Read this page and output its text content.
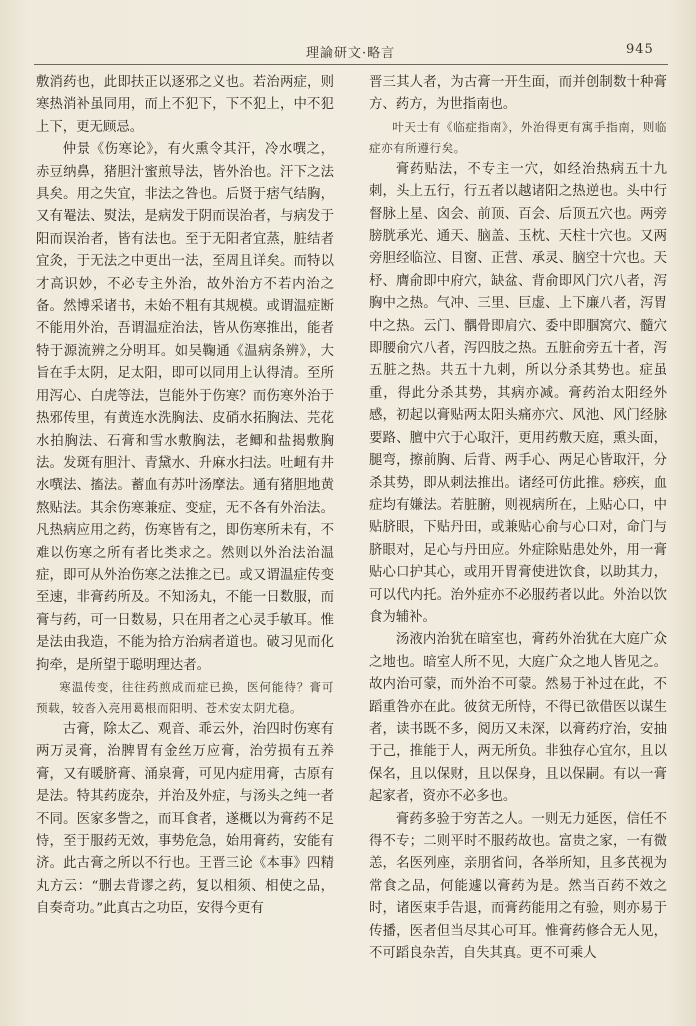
理論研文·略言	945

敷消药也，此即扶正以逐邪之义也。若治两症，则寒热消补虽同用，而上不犯下，下不犯上，中不犯上下，更无顾忌。

仲景《伤寒论》，有火熏令其汗，冷水噀之，赤豆纳鼻，猪胆汁蜜煎导法，皆外治也。汗下之法具矣。用之失宜，非法之咎也。后贤于痞气结胸，又有罨法、熨法，是病发于阴而误治者，与病发于阳而误治者，皆有法也。至于无阳者宜蒸，脏结者宜灸，于无法之中更出一法，至周且详矣。而特以才高识妙，不必专主外治，故外治方不若内治之备。然博采诸书，未始不粗有其规模。或谓温症断不能用外治，吾谓温症治法，皆从伤寒推出，能者特于源流辨之分明耳。如吴鞠通《温病条辨》，大旨在手太阴，足太阳，即可以同用上认得清。至所用泻心、白虎等法，岂能外于伤寒？而伤寒外治于热邪传里，有黄连水洗胸法、皮硝水拓胸法、芫花水拍胸法、石膏和雪水敷胸法，老鲫和盐揭敷胸法。发斑有胆汁、青黛水、升麻水扫法。吐衄有井水噀法、搐法。蓄血有苏叶汤摩法。通有猪胆地黄熬贴法。其余伤寒兼症、变症，无不各有外治法。凡热病应用之药，伤寒皆有之，即伤寒所未有，不难以伤寒之所有者比类求之。然则以外治法治温症，即可从外治伤寒之法推之已。或又谓温症传变至速，非膏药所及。不知汤丸，不能一日数服，而膏与药，可一日数易，只在用者之心灵手敏耳。惟是法由我造，不能为拾方治病者道也。破习见而化拘牵，是所望于聪明理达者。

寒温传变，往往药煎成而症已换，医何能待？膏可预载，较沓入亮用葛根而阳明、苍术安太阴尤稳。

古膏，除太乙、观音、乖云外，治四时伤寒有两万灵膏，治脾胃有金丝万应膏，治劳损有五养膏，又有暖脐膏、涌泉膏，可见内症用膏，古原有是法。特其药庞杂，并治及外症，与汤头之纯一者不同。医家多訾之，而耳食者，遂概以为膏药不足恃，至于服药无效，事势危急，始用膏药，安能有济。此古膏之所以不行也。王晋三论《本事》四精丸方云：“删去背谬之药，复以相须、相使之品，自奏奇功。”此真古之功臣，安得今更有

晋三其人者，为古膏一开生面，而并创制数十种膏方、药方，为世指南也。

叶天士有《临症指南》，外治得更有寓手指南，则临症亦有所遵行矣。

膏药贴法，不专主一穴，如经治热病五十九刺，头上五行，行五者以越诸阳之热逆也。头中行督脉上星、囟会、前顶、百会、后顶五穴也。两旁膀胱承光、通天、脑盖、玉枕、天柱十穴也。又两旁胆经临泣、目窗、正营、承灵、脑空十穴也。天杼、膺俞即中府穴，缺盆、背俞即风门穴八者，泻胸中之热。气冲、三里、巨虚、上下廉八者，泻胃中之热。云门、髃骨即肩穴、委中即腘窝穴、髓穴即腰俞穴八者，泻四肢之热。五脏俞旁五十者，泻五脏之热。共五十九刺，所以分杀其势也。症虽重，得此分杀其势，其病亦减。膏药治太阳经外感，初起以膏贴两太阳头痛亦穴、风池、风门经脉要路、膻中穴于心取汗，更用药敷天庭，熏头面，腿弯，擦前胸、后背、两手心、两足心皆取汗，分杀其势，即从刺法推出。诸经可仿此推。痧疾，血症均有嫌法。若脏腑，则视病所在，上贴心口，中贴脐眼，下贴丹田，或兼贴心俞与心口对，命门与脐眼对，足心与丹田应。外症除贴患处外，用一膏贴心口护其心，或用开胃膏使进饮食，以助其力，可以代内托。治外症亦不必服药者以此。外治以饮食为辅补。

汤液内治犹在暗室也，膏药外治犹在大庭广众之地也。暗室人所不见，大庭广众之地人皆见之。故内治可蒙，而外治不可蒙。然易于补过在此，不蹈重咎亦在此。彼贫无所恃，不得已欲借医以谋生者，读书既不多，阅历又未深，以膏药疗治，安抽于己，推能于人，两无所负。非独存心宜尔，且以保名，且以保财，且以保身，且以保嗣。有以一膏起家者，资亦不必多也。

膏药多验于穷苦之人。一则无力延医，信任不得不专；二则平时不服药故也。富贵之家，一有微恙，名医列座，亲朋省问，各举所知，且多芪视为常食之品，何能遽以膏药为是。然当百药不效之时，诸医束手告退，而膏药能用之有验，则亦易于传播，医者但当尽其心可耳。惟膏药修合无人见，不可蹈良杂苦，自失其真。更不可乘人
